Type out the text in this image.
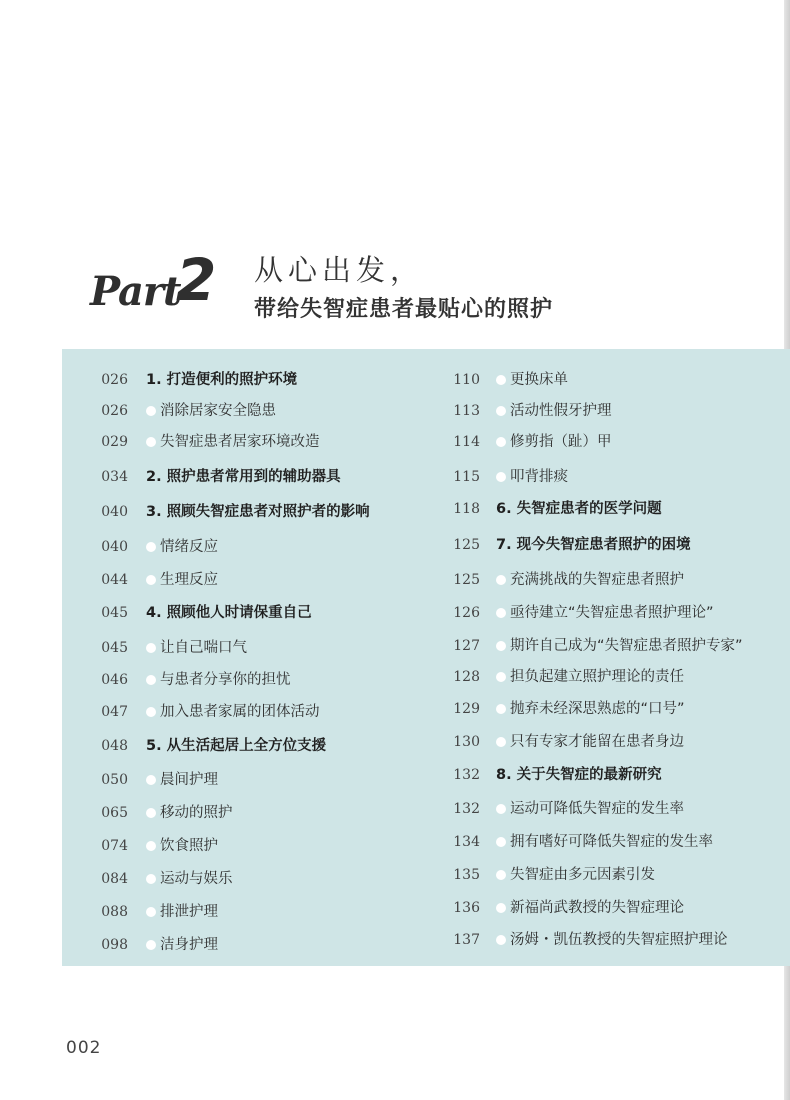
Part
2 从心出发，
带给失智症患者最贴心的照护
026 1. 打造便利的照护环境
026	消除居家安全隐患
029	失智症患者居家环境改造
034 2. 照护患者常用到的辅助器具
040 3. 照顾失智症患者对照护者的影响
040	情绪反应
044	生理反应
045 4. 照顾他人时请保重自己
045	让自己喘口气
046	与患者分享你的担忧
047	加入患者家属的团体活动
048 5. 从生活起居上全方位支援
050	晨间护理
065	移动的照护
074	饮食照护
084	运动与娱乐
088	排泄护理
098	洁身护理
110	更换床单
113	活动性假牙护理
114	修剪指（趾）甲
115	叩背排痰
118 6. 失智症患者的医学问题
125 7. 现今失智症患者照护的困境
125	充满挑战的失智症患者照护
126	亟待建立“失智症患者照护理论”
127	期许自己成为“失智症患者照护专家”
128	担负起建立照护理论的责任
129	抛弃未经深思熟虑的“口号”
130	只有专家才能留在患者身边
132 8. 关于失智症的最新研究
132	运动可降低失智症的发生率
134	拥有嗜好可降低失智症的发生率
135	失智症由多元因素引发
136	新福尚武教授的失智症理论
137	汤姆・凯伍教授的失智症照护理论
002
